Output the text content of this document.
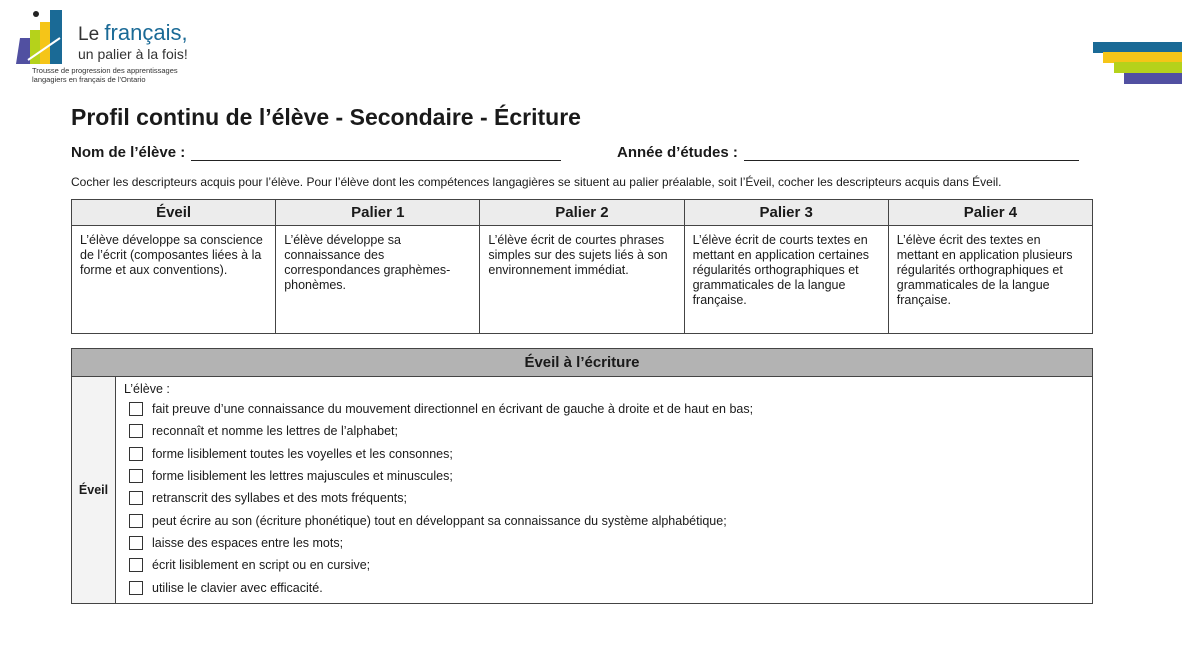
Le français,
un palier à la fois!
Trousse de progression des apprentissages langagiers en français de l'Ontario
Profil continu de l’élève - Secondaire - Écriture
Nom de l’élève :	Année d’études :
Cocher les descripteurs acquis pour l’élève. Pour l’élève dont les compétences langagières se situent au palier préalable, soit l’Éveil, cocher les descripteurs acquis dans Éveil.
Éveil	Palier 1	Palier 2	Palier 3	Palier 4
L’élève développe sa conscience de l’écrit (composantes liées à la forme et aux conventions).	L’élève développe sa connaissance des correspondances graphèmes-phonèmes.	L’élève écrit de courtes phrases simples sur des sujets liés à son environnement immédiat.	L’élève écrit de courts textes en mettant en application certaines régularités orthographiques et grammaticales de la langue française.	L’élève écrit des textes en mettant en application plusieurs régularités orthographiques et grammaticales de la langue française.
Éveil à l’écriture
Éveil	
L’élève :
fait preuve d’une connaissance du mouvement directionnel en écrivant de gauche à droite et de haut en bas;
reconnaît et nomme les lettres de l’alphabet;
forme lisiblement toutes les voyelles et les consonnes;
forme lisiblement les lettres majuscules et minuscules;
retranscrit des syllabes et des mots fréquents;
peut écrire au son (écriture phonétique) tout en développant sa connaissance du système alphabétique;
laisse des espaces entre les mots;
écrit lisiblement en script ou en cursive;
utilise le clavier avec efficacité.
